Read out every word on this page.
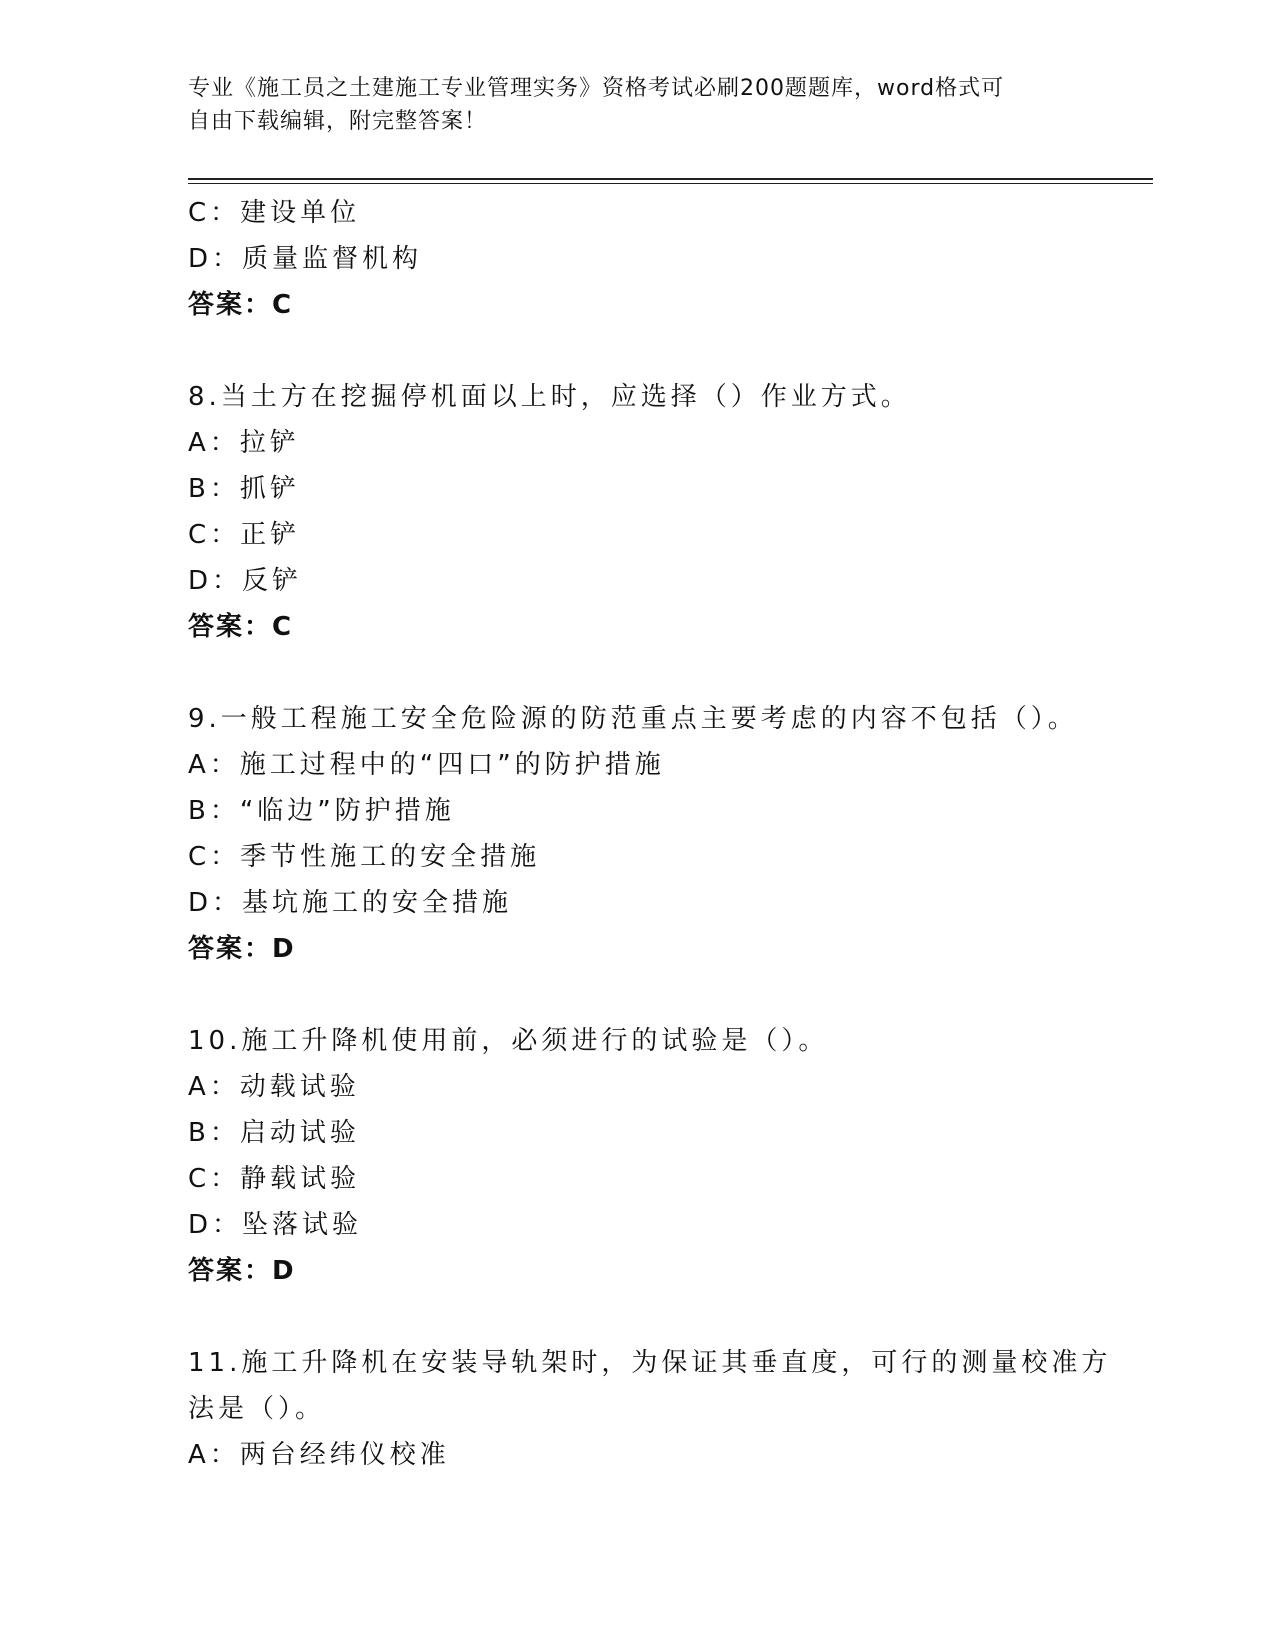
专业《施工员之土建施工专业管理实务》资格考试必刷200题题库，word格式可
自由下载编辑，附完整答案！
C：建设单位
D：质量监督机构
答案：C
8.当土方在挖掘停机面以上时，应选择（）作业方式。
A：拉铲
B：抓铲
C：正铲
D：反铲
答案：C
9.一般工程施工安全危险源的防范重点主要考虑的内容不包括（）。
A：施工过程中的“四口”的防护措施
B：“临边”防护措施
C：季节性施工的安全措施
D：基坑施工的安全措施
答案：D
10.施工升降机使用前，必须进行的试验是（）。
A：动载试验
B：启动试验
C：静载试验
D：坠落试验
答案：D
11.施工升降机在安装导轨架时，为保证其垂直度，可行的测量校准方
法是（）。
A：两台经纬仪校准
